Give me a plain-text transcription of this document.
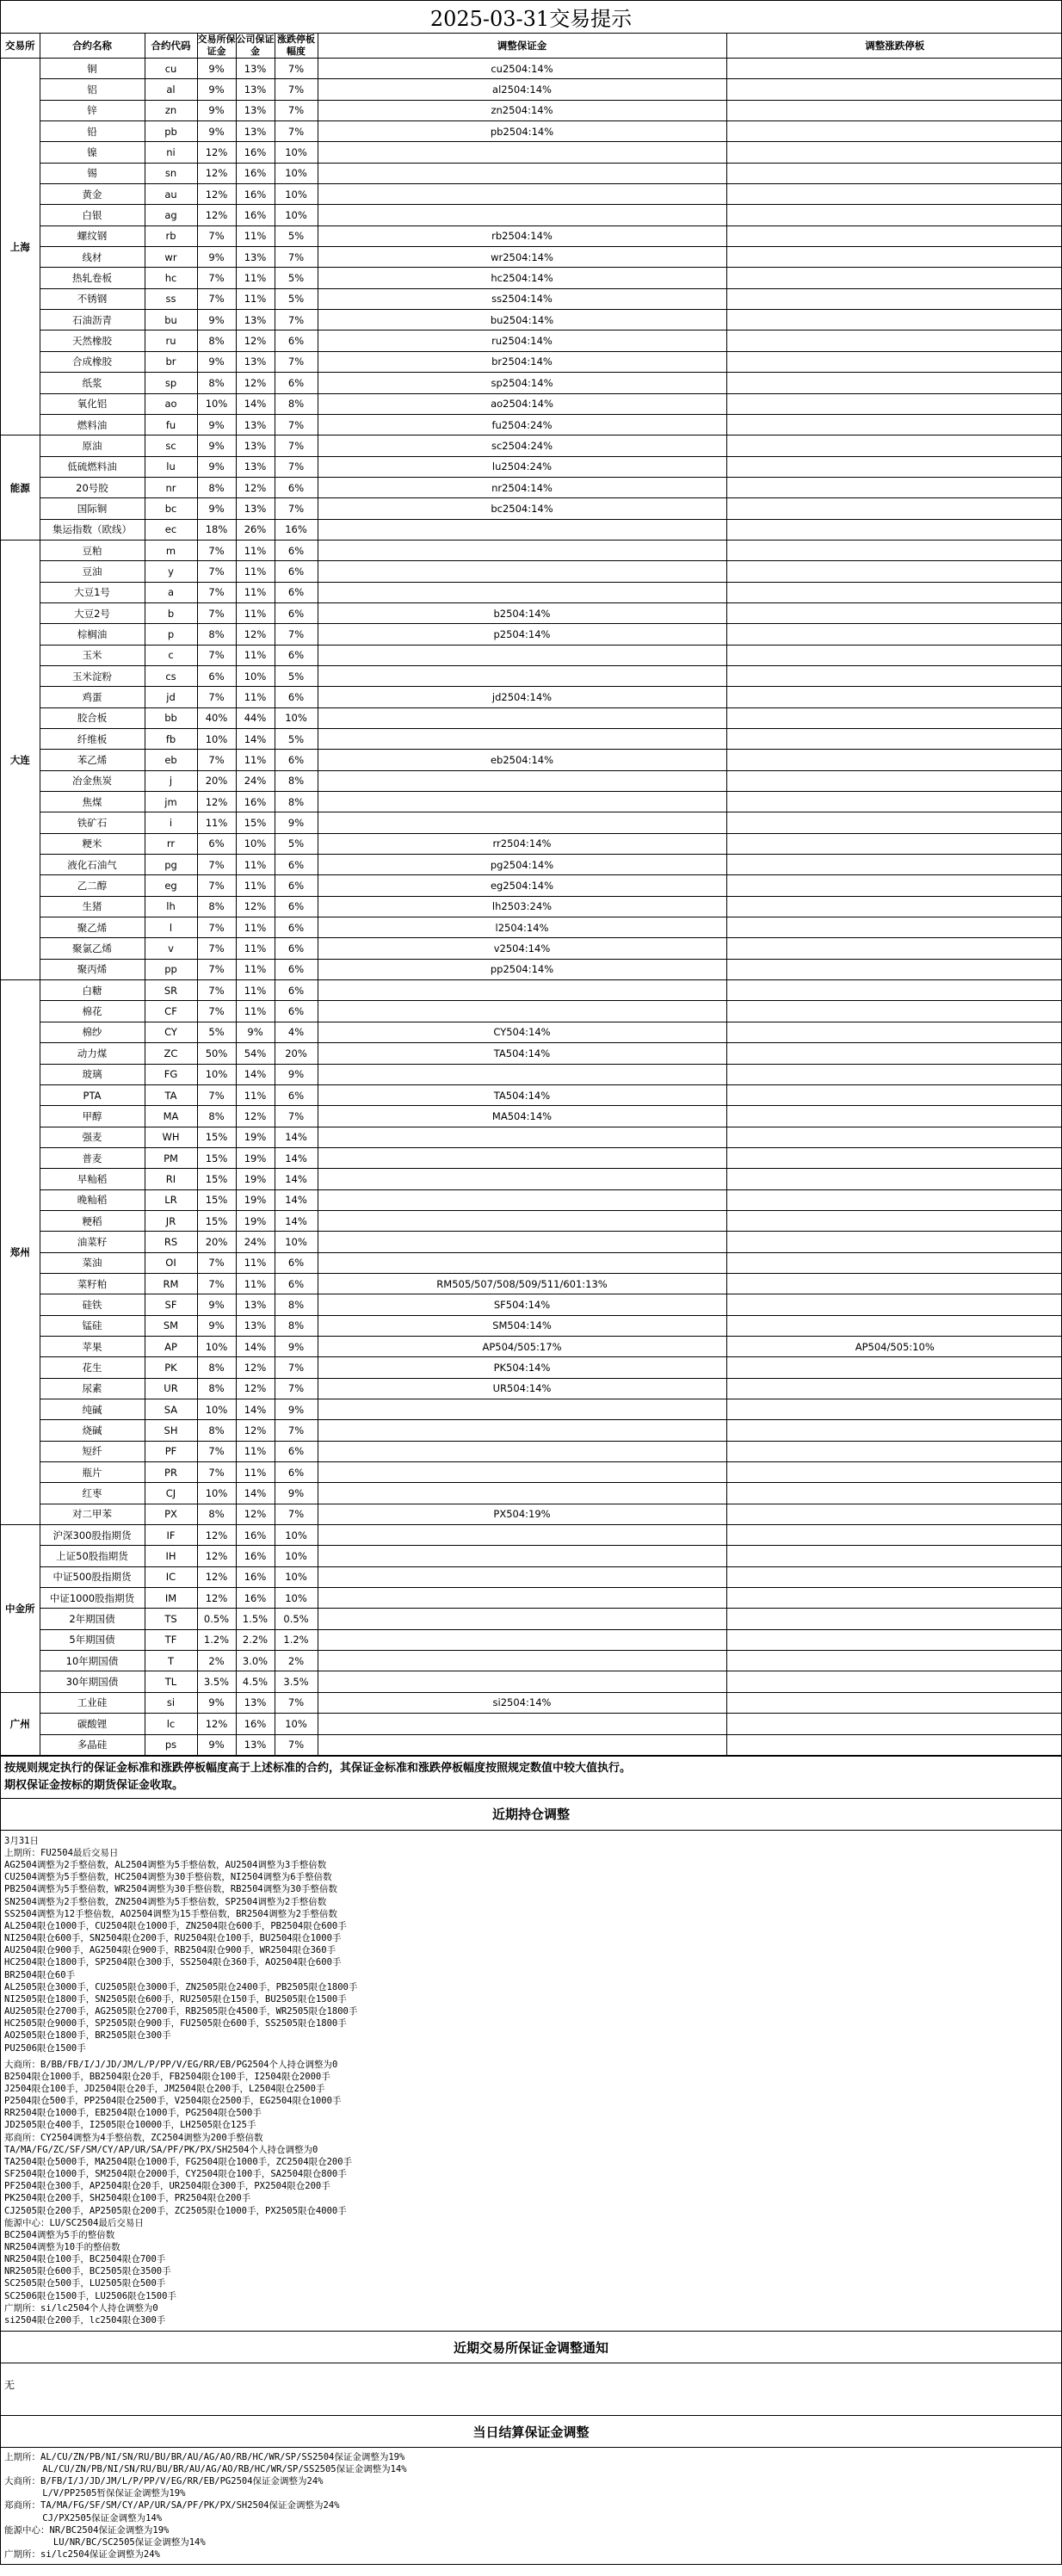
2025-03-31交易提示
交易所	合约名称	合约代码	交易所保证金	公司保证金	涨跌停板幅度	调整保证金	调整涨跌停板
上海	铜	cu	9%	13%	7%	cu2504:14%	
	铝	al	9%	13%	7%	al2504:14%	
	锌	zn	9%	13%	7%	zn2504:14%	
	铅	pb	9%	13%	7%	pb2504:14%	
	镍	ni	12%	16%	10%		
	锡	sn	12%	16%	10%		
	黄金	au	12%	16%	10%		
	白银	ag	12%	16%	10%		
	螺纹钢	rb	7%	11%	5%	rb2504:14%	
	线材	wr	9%	13%	7%	wr2504:14%	
	热轧卷板	hc	7%	11%	5%	hc2504:14%	
	不锈钢	ss	7%	11%	5%	ss2504:14%	
	石油沥青	bu	9%	13%	7%	bu2504:14%	
	天然橡胶	ru	8%	12%	6%	ru2504:14%	
	合成橡胶	br	9%	13%	7%	br2504:14%	
	纸浆	sp	8%	12%	6%	sp2504:14%	
	氧化铝	ao	10%	14%	8%	ao2504:14%	
	燃料油	fu	9%	13%	7%	fu2504:24%	
能源	原油	sc	9%	13%	7%	sc2504:24%	
	低硫燃料油	lu	9%	13%	7%	lu2504:24%	
	20号胶	nr	8%	12%	6%	nr2504:14%	
	国际铜	bc	9%	13%	7%	bc2504:14%	
	集运指数（欧线）	ec	18%	26%	16%		
大连	豆粕	m	7%	11%	6%		
	豆油	y	7%	11%	6%		
	大豆1号	a	7%	11%	6%		
	大豆2号	b	7%	11%	6%	b2504:14%	
	棕榈油	p	8%	12%	7%	p2504:14%	
	玉米	c	7%	11%	6%		
	玉米淀粉	cs	6%	10%	5%		
	鸡蛋	jd	7%	11%	6%	jd2504:14%	
	胶合板	bb	40%	44%	10%		
	纤维板	fb	10%	14%	5%		
	苯乙烯	eb	7%	11%	6%	eb2504:14%	
	冶金焦炭	j	20%	24%	8%		
	焦煤	jm	12%	16%	8%		
	铁矿石	i	11%	15%	9%		
	粳米	rr	6%	10%	5%	rr2504:14%	
	液化石油气	pg	7%	11%	6%	pg2504:14%	
	乙二醇	eg	7%	11%	6%	eg2504:14%	
	生猪	lh	8%	12%	6%	lh2503:24%	
	聚乙烯	l	7%	11%	6%	l2504:14%	
	聚氯乙烯	v	7%	11%	6%	v2504:14%	
	聚丙烯	pp	7%	11%	6%	pp2504:14%	
郑州	白糖	SR	7%	11%	6%		
	棉花	CF	7%	11%	6%		
	棉纱	CY	5%	9%	4%	CY504:14%	
	动力煤	ZC	50%	54%	20%	TA504:14%	
	玻璃	FG	10%	14%	9%		
	PTA	TA	7%	11%	6%	TA504:14%	
	甲醇	MA	8%	12%	7%	MA504:14%	
	强麦	WH	15%	19%	14%		
	普麦	PM	15%	19%	14%		
	早籼稻	RI	15%	19%	14%		
	晚籼稻	LR	15%	19%	14%		
	粳稻	JR	15%	19%	14%		
	油菜籽	RS	20%	24%	10%		
	菜油	OI	7%	11%	6%		
	菜籽粕	RM	7%	11%	6%	RM505/507/508/509/511/601:13%	
	硅铁	SF	9%	13%	8%	SF504:14%	
	锰硅	SM	9%	13%	8%	SM504:14%	
	苹果	AP	10%	14%	9%	AP504/505:17%	AP504/505:10%
	花生	PK	8%	12%	7%	PK504:14%	
	尿素	UR	8%	12%	7%	UR504:14%	
	纯碱	SA	10%	14%	9%		
	烧碱	SH	8%	12%	7%		
	短纤	PF	7%	11%	6%		
	瓶片	PR	7%	11%	6%		
	红枣	CJ	10%	14%	9%		
	对二甲苯	PX	8%	12%	7%	PX504:19%	
中金所	沪深300股指期货	IF	12%	16%	10%		
	上证50股指期货	IH	12%	16%	10%		
	中证500股指期货	IC	12%	16%	10%		
	中证1000股指期货	IM	12%	16%	10%		
	2年期国债	TS	0.5%	1.5%	0.5%		
	5年期国债	TF	1.2%	2.2%	1.2%		
	10年期国债	T	2%	3.0%	2%		
	30年期国债	TL	3.5%	4.5%	3.5%		
广州	工业硅	si	9%	13%	7%	si2504:14%	
	碳酸锂	lc	12%	16%	10%		
	多晶硅	ps	9%	13%	7%		
按规则规定执行的保证金标准和涨跌停板幅度高于上述标准的合约，其保证金标准和涨跌停板幅度按照规定数值中较大值执行。
期权保证金按标的期货保证金收取。
近期持仓调整
3月31日
上期所：FU2504最后交易日
AG2504调整为2手整倍数，AL2504调整为5手整倍数，AU2504调整为3手整倍数
CU2504调整为5手整倍数，HC2504调整为30手整倍数，NI2504调整为6手整倍数
PB2504调整为5手整倍数，WR2504调整为30手整倍数，RB2504调整为30手整倍数
SN2504调整为2手整倍数，ZN2504调整为5手整倍数，SP2504调整为2手整倍数
SS2504调整为12手整倍数，AO2504调整为15手整倍数，BR2504调整为2手整倍数
AL2504限仓1000手，CU2504限仓1000手，ZN2504限仓600手，PB2504限仓600手
NI2504限仓600手，SN2504限仓200手，RU2504限仓100手，BU2504限仓1000手
AU2504限仓900手，AG2504限仓900手，RB2504限仓900手，WR2504限仓360手
HC2504限仓1800手，SP2504限仓300手，SS2504限仓360手，AO2504限仓600手
BR2504限仓60手
AL2505限仓3000手，CU2505限仓3000手，ZN2505限仓2400手，PB2505限仓1800手
NI2505限仓1800手，SN2505限仓600手，RU2505限仓150手，BU2505限仓1500手
AU2505限仓2700手，AG2505限仓2700手，RB2505限仓4500手，WR2505限仓1800手
HC2505限仓9000手，SP2505限仓900手，FU2505限仓600手，SS2505限仓1800手
AO2505限仓1800手，BR2505限仓300手
PU2506限仓1500手
大商所：B/BB/FB/I/J/JD/JM/L/P/PP/V/EG/RR/EB/PG2504个人持仓调整为0
B2504限仓1000手，BB2504限仓20手，FB2504限仓100手，I2504限仓2000手
J2504限仓100手，JD2504限仓20手，JM2504限仓200手，L2504限仓2500手
P2504限仓500手，PP2504限仓2500手，V2504限仓2500手，EG2504限仓1000手
RR2504限仓1000手，EB2504限仓1000手，PG2504限仓500手
JD2505限仓400手，I2505限仓10000手，LH2505限仓125手
郑商所：CY2504调整为4手整倍数，ZC2504调整为200手整倍数
TA/MA/FG/ZC/SF/SM/CY/AP/UR/SA/PF/PK/PX/SH2504个人持仓调整为0
TA2504限仓5000手，MA2504限仓1000手，FG2504限仓1000手，ZC2504限仓200手
SF2504限仓1000手，SM2504限仓2000手，CY2504限仓100手，SA2504限仓800手
PF2504限仓300手，AP2504限仓20手，UR2504限仓300手，PX2504限仓200手
PK2504限仓200手，SH2504限仓100手，PR2504限仓200手
CJ2505限仓200手，AP2505限仓200手，ZC2505限仓1000手，PX2505限仓4000手
能源中心：LU/SC2504最后交易日
BC2504调整为5手的整倍数
NR2504调整为10手的整倍数
NR2504限仓100手，BC2504限仓700手
NR2505限仓600手，BC2505限仓3500手
SC2505限仓500手，LU2505限仓500手
SC2506限仓1500手，LU2506限仓1500手
广期所：si/lc2504个人持仓调整为0
si2504限仓200手，lc2504限仓300手
近期交易所保证金调整通知
无
当日结算保证金调整
上期所：AL/CU/ZN/PB/NI/SN/RU/BU/BR/AU/AG/AO/RB/HC/WR/SP/SS2504保证金调整为19%
AL/CU/ZN/PB/NI/SN/RU/BU/BR/AU/AG/AO/RB/HC/WR/SP/SS2505保证金调整为14%
大商所：B/FB/I/J/JD/JM/L/P/PP/V/EG/RR/EB/PG2504保证金调整为24%
L/V/PP2505暂保保证金调整为19%
郑商所：TA/MA/FG/SF/SM/CY/AP/UR/SA/PF/PK/PX/SH2504保证金调整为24%
CJ/PX2505保证金调整为14%
能源中心：NR/BC2504保证金调整为19%
LU/NR/BC/SC2505保证金调整为14%
广期所：si/lc2504保证金调整为24%
